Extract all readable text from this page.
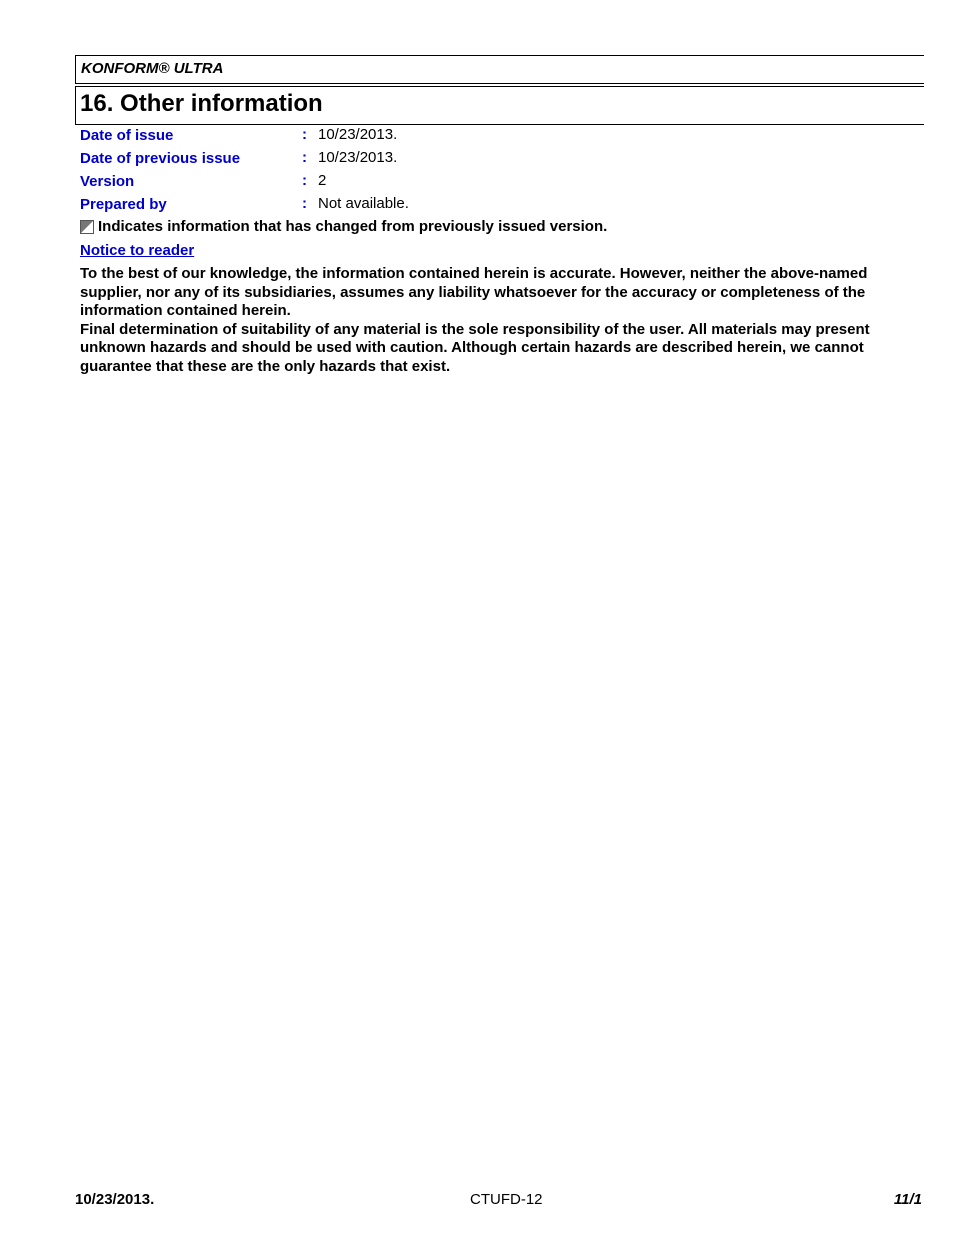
KONFORM® ULTRA
16. Other information
Date of issue	: 10/23/2013.
Date of previous issue	: 10/23/2013.
Version	: 2
Prepared by	: Not available.
Indicates information that has changed from previously issued version.
Notice to reader

To the best of our knowledge, the information contained herein is accurate. However, neither the above-named supplier, nor any of its subsidiaries, assumes any liability whatsoever for the accuracy or completeness of the information contained herein.

Final determination of suitability of any material is the sole responsibility of the user. All materials may present unknown hazards and should be used with caution. Although certain hazards are described herein, we cannot guarantee that these are the only hazards that exist.

10/23/2013.	CTUFD-12	11/1
